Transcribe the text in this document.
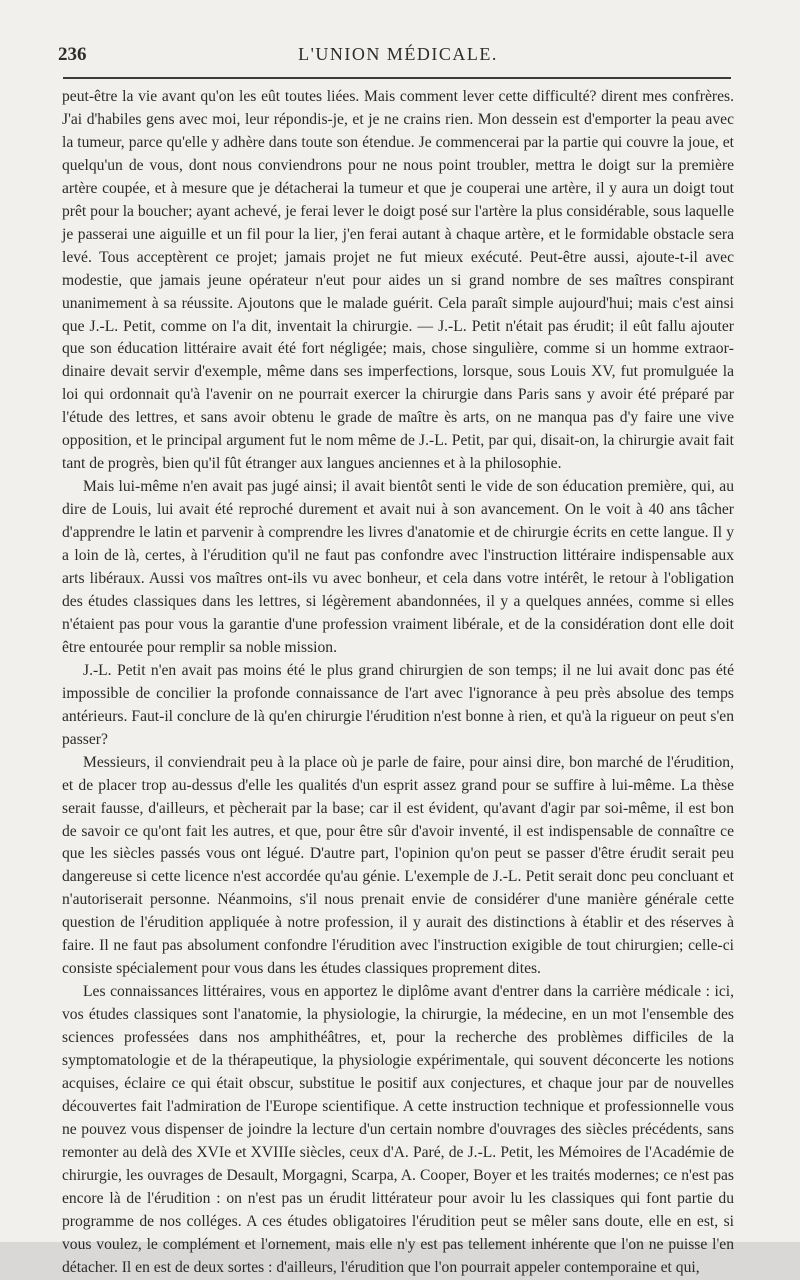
236	L'UNION MÉDICALE.

peut-être la vie avant qu'on les eût toutes liées. Mais comment lever cette difficulté? dirent mes confrères. J'ai d'habiles gens avec moi, leur répondis-je, et je ne crains rien. Mon dessein est d'emporter la peau avec la tumeur, parce qu'elle y adhère dans toute son étendue. Je commencerai par la partie qui couvre la joue, et quelqu'un de vous, dont nous conviendrons pour ne nous point troubler, mettra le doigt sur la première artère coupée, et à mesure que je détacherai la tumeur et que je couperai une artère, il y aura un doigt tout prêt pour la boucher; ayant achevé, je ferai lever le doigt posé sur l'artère la plus considérable, sous laquelle je passerai une aiguille et un fil pour la lier, j'en ferai autant à chaque artère, et le formidable obstacle sera levé. Tous acceptèrent ce projet; jamais projet ne fut mieux exécuté. Peut-être aussi, ajoute-t-il avec modestie, que jamais jeune opérateur n'eut pour aides un si grand nombre de ses maîtres conspirant unanimement à sa réussite. Ajoutons que le malade guérit. Cela paraît simple aujourd'hui; mais c'est ainsi que J.-L. Petit, comme on l'a dit, inventait la chirurgie. — J.-L. Petit n'était pas érudit; il eût fallu ajouter que son éducation littéraire avait été fort négligée; mais, chose singulière, comme si un homme extraordinaire devait servir d'exemple, même dans ses imperfections, lorsque, sous Louis XV, fut promulguée la loi qui ordonnait qu'à l'avenir on ne pourrait exercer la chirurgie dans Paris sans y avoir été préparé par l'étude des lettres, et sans avoir obtenu le grade de maître ès arts, on ne manqua pas d'y faire une vive opposition, et le principal argument fut le nom même de J.-L. Petit, par qui, disait-on, la chirurgie avait fait tant de progrès, bien qu'il fût étranger aux langues anciennes et à la philosophie.

Mais lui-même n'en avait pas jugé ainsi; il avait bientôt senti le vide de son éducation première, qui, au dire de Louis, lui avait été reproché durement et avait nui à son avancement. On le voit à 40 ans tâcher d'apprendre le latin et parvenir à comprendre les livres d'anatomie et de chirurgie écrits en cette langue. Il y a loin de là, certes, à l'érudition qu'il ne faut pas confondre avec l'instruction littéraire indispensable aux arts libéraux. Aussi vos maîtres ont-ils vu avec bonheur, et cela dans votre intérêt, le retour à l'obligation des études classiques dans les lettres, si légèrement abandonnées, il y a quelques années, comme si elles n'étaient pas pour vous la garantie d'une profession vraiment libérale, et de la considération dont elle doit être entourée pour remplir sa noble mission.

J.-L. Petit n'en avait pas moins été le plus grand chirurgien de son temps; il ne lui avait donc pas été impossible de concilier la profonde connaissance de l'art avec l'ignorance à peu près absolue des temps antérieurs. Faut-il conclure de là qu'en chirurgie l'érudition n'est bonne à rien, et qu'à la rigueur on peut s'en passer?

Messieurs, il conviendrait peu à la place où je parle de faire, pour ainsi dire, bon marché de l'érudition, et de placer trop au-dessus d'elle les qualités d'un esprit assez grand pour se suffire à lui-même. La thèse serait fausse, d'ailleurs, et pècherait par la base; car il est évident, qu'avant d'agir par soi-même, il est bon de savoir ce qu'ont fait les autres, et que, pour être sûr d'avoir inventé, il est indispensable de connaître ce que les siècles passés vous ont légué. D'autre part, l'opinion qu'on peut se passer d'être érudit serait peu dangereuse si cette licence n'est accordée qu'au génie. L'exemple de J.-L. Petit serait donc peu concluant et n'autoriserait personne. Néanmoins, s'il nous prenait envie de considérer d'une manière générale cette question de l'érudition appliquée à notre profession, il y aurait des distinctions à établir et des réserves à faire. Il ne faut pas absolument confondre l'érudition avec l'instruction exigible de tout chirurgien; celle-ci consiste spécialement pour vous dans les études classiques proprement dites.

Les connaissances littéraires, vous en apportez le diplôme avant d'entrer dans la carrière médicale : ici, vos études classiques sont l'anatomie, la physiologie, la chirurgie, la médecine, en un mot l'ensemble des sciences professées dans nos amphithéâtres, et, pour la recherche des problèmes difficiles de la symptomatologie et de la thérapeutique, la physiologie expérimentale, qui souvent déconcerte les notions acquises, éclaire ce qui était obscur, substitue le positif aux conjectures, et chaque jour par de nouvelles découvertes fait l'admiration de l'Europe scientifique. A cette instruction technique et professionnelle vous ne pouvez vous dispenser de joindre la lecture d'un certain nombre d'ouvrages des siècles précédents, sans remonter au delà des XVIe et XVIIIe siècles, ceux d'A. Paré, de J.-L. Petit, les Mémoires de l'Académie de chirurgie, les ouvrages de Desault, Morgagni, Scarpa, A. Cooper, Boyer et les traités modernes; ce n'est pas encore là de l'érudition : on n'est pas un érudit littérateur pour avoir lu les classiques qui font partie du programme de nos colléges. A ces études obligatoires l'érudition peut se mêler sans doute, elle en est, si vous voulez, le complément et l'ornement, mais elle n'y est pas tellement inhérente que l'on ne puisse l'en détacher. Il en est de deux sortes : d'ailleurs, l'érudition que l'on pourrait appeler contemporaine et qui,
